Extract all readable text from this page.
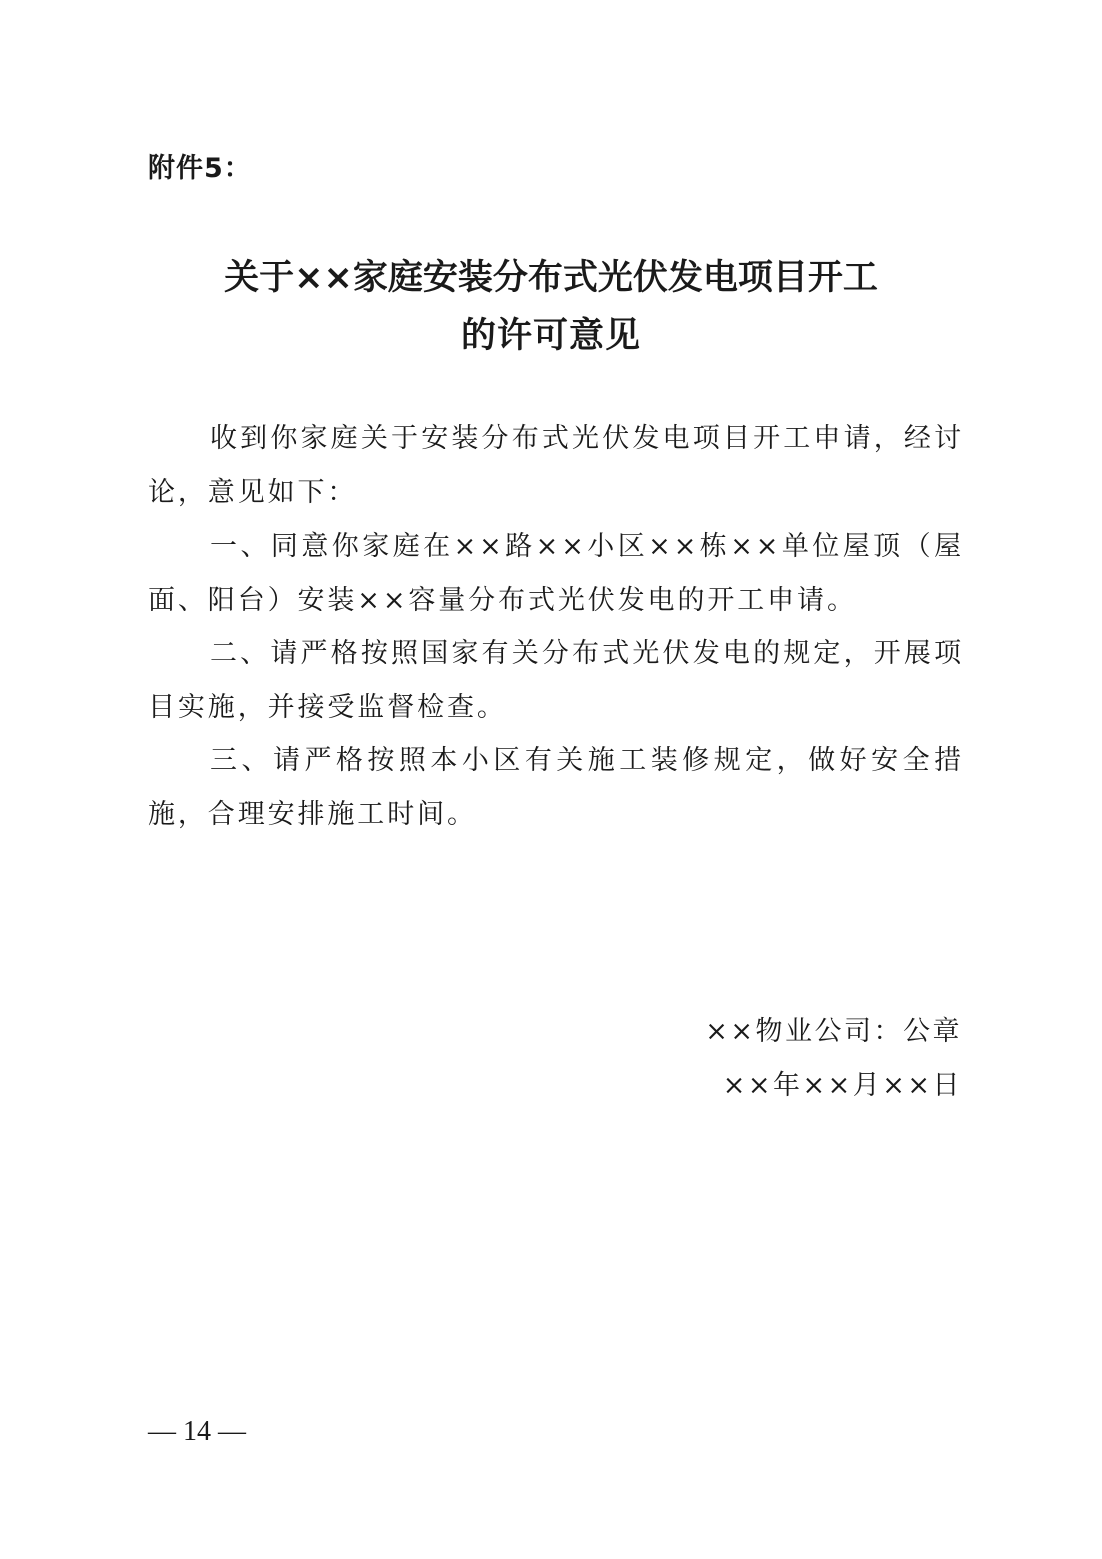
附件5：
关于××家庭安装分布式光伏发电项目开工
的许可意见

收到你家庭关于安装分布式光伏发电项目开工申请，经讨论，意见如下：

一、同意你家庭在××路××小区××栋××单位屋顶（屋面、阳台）安装××容量分布式光伏发电的开工申请。

二、请严格按照国家有关分布式光伏发电的规定，开展项目实施，并接受监督检查。

三、请严格按照本小区有关施工装修规定，做好安全措施，合理安排施工时间。

××物业公司：公章
××年××月××日
— 14 —
